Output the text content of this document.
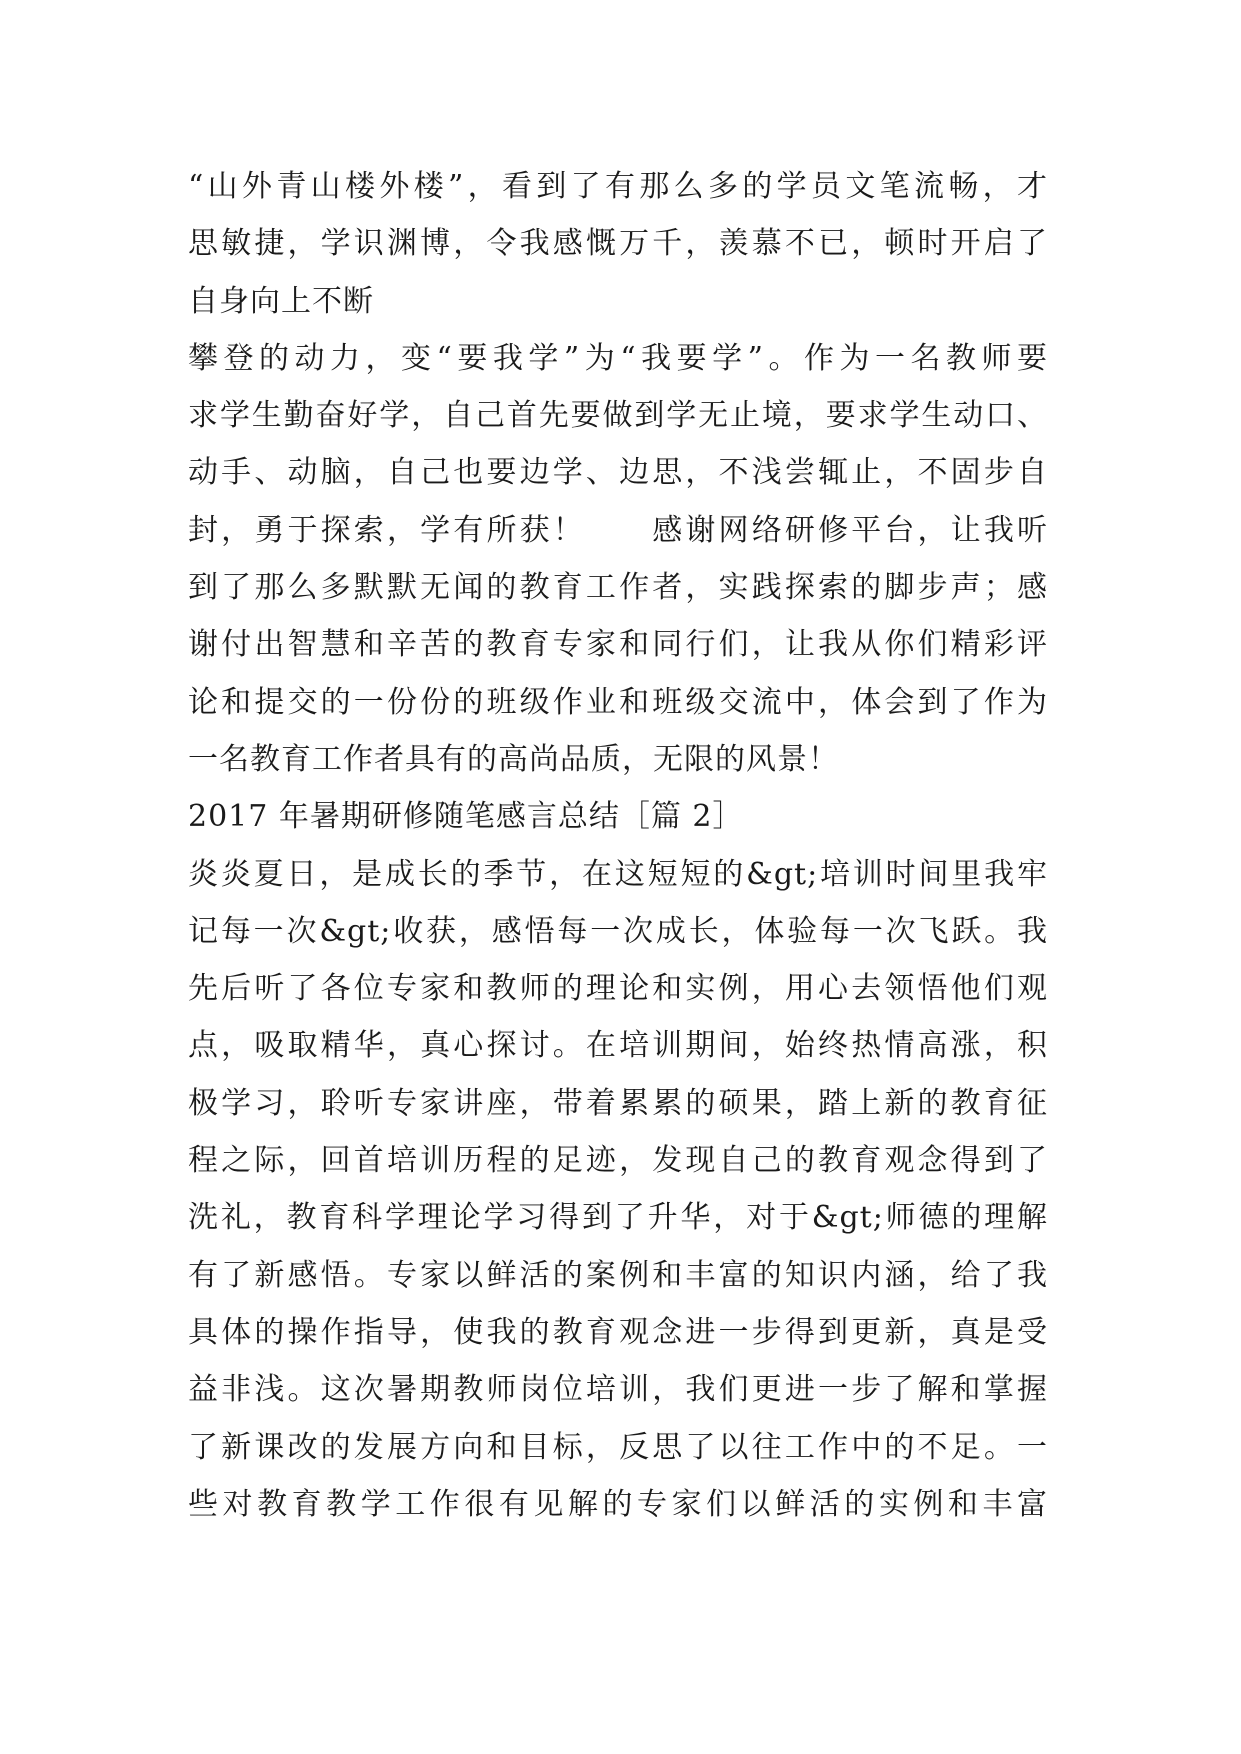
“山外青山楼外楼”，看到了有那么多的学员文笔流畅，才
思敏捷，学识渊博，令我感慨万千，羡慕不已，顿时开启了
自身向上不断
攀登的动力，变“要我学”为“我要学”。作为一名教师要
求学生勤奋好学，自己首先要做到学无止境，要求学生动口、
动手、动脑，自己也要边学、边思，不浅尝辄止，不固步自
封，勇于探索，学有所获！　　感谢网络研修平台，让我听
到了那么多默默无闻的教育工作者，实践探索的脚步声；感
谢付出智慧和辛苦的教育专家和同行们，让我从你们精彩评
论和提交的一份份的班级作业和班级交流中，体会到了作为
一名教育工作者具有的高尚品质，无限的风景！
2017 年暑期研修随笔感言总结［篇 2］
炎炎夏日，是成长的季节，在这短短的&gt;培训时间里我牢
记每一次&gt;收获，感悟每一次成长，体验每一次飞跃。我
先后听了各位专家和教师的理论和实例，用心去领悟他们观
点，吸取精华，真心探讨。在培训期间，始终热情高涨，积
极学习，聆听专家讲座，带着累累的硕果，踏上新的教育征
程之际，回首培训历程的足迹，发现自己的教育观念得到了
洗礼，教育科学理论学习得到了升华，对于&gt;师德的理解
有了新感悟。专家以鲜活的案例和丰富的知识内涵，给了我
具体的操作指导，使我的教育观念进一步得到更新，真是受
益非浅。这次暑期教师岗位培训，我们更进一步了解和掌握
了新课改的发展方向和目标，反思了以往工作中的不足。一
些对教育教学工作很有见解的专家们以鲜活的实例和丰富
